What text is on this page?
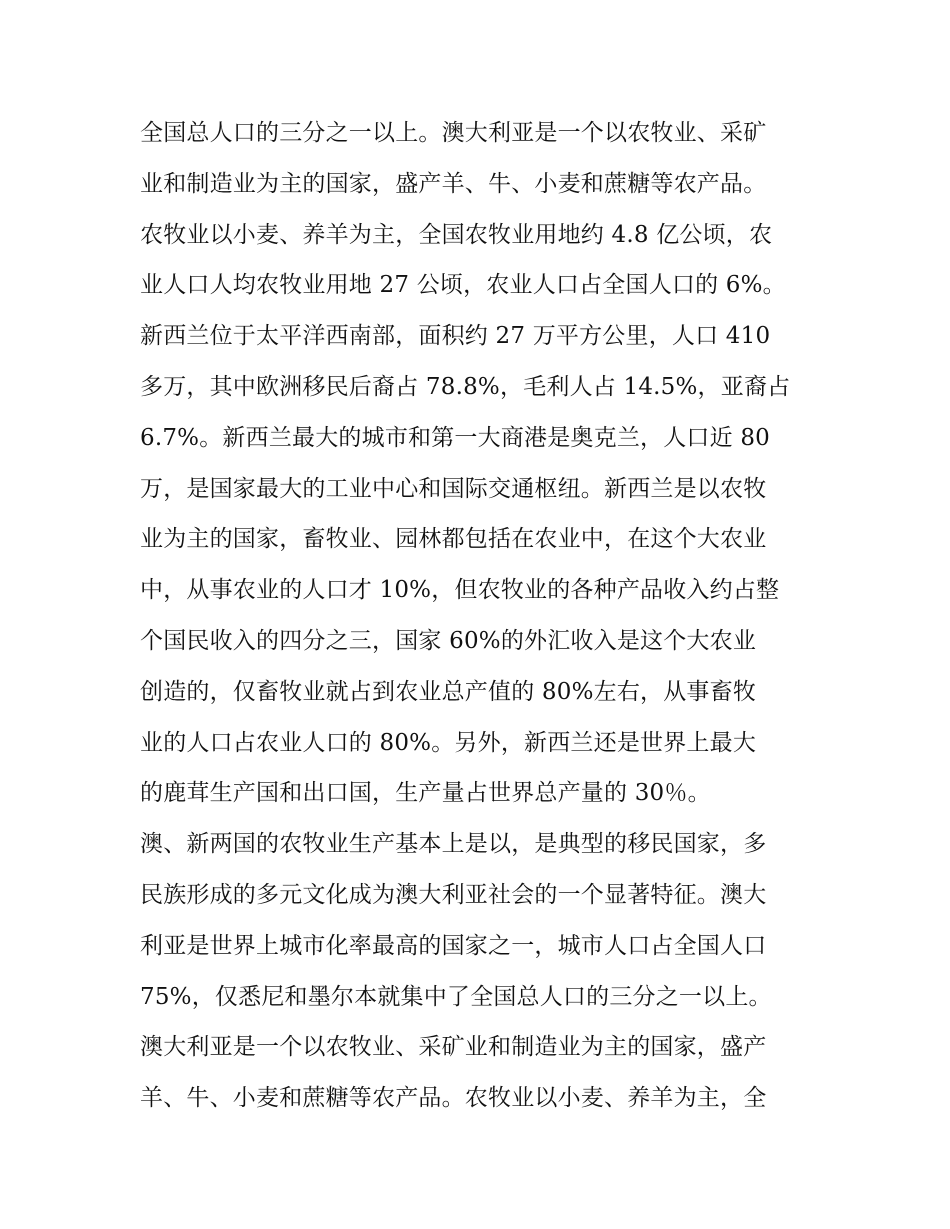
全国总人口的三分之一以上。澳大利亚是一个以农牧业、采矿
业和制造业为主的国家，盛产羊、牛、小麦和蔗糖等农产品。
农牧业以小麦、养羊为主，全国农牧业用地约 4.8 亿公顷，农
业人口人均农牧业用地 27 公顷，农业人口占全国人口的 6%。
新西兰位于太平洋西南部，面积约 27 万平方公里，人口 410
多万，其中欧洲移民后裔占 78.8%，毛利人占 14.5%，亚裔占
6.7%。新西兰最大的城市和第一大商港是奥克兰，人口近 80
万，是国家最大的工业中心和国际交通枢纽。新西兰是以农牧
业为主的国家，畜牧业、园林都包括在农业中，在这个大农业
中，从事农业的人口才 10%，但农牧业的各种产品收入约占整
个国民收入的四分之三，国家 60%的外汇收入是这个大农业
创造的，仅畜牧业就占到农业总产值的 80%左右，从事畜牧
业的人口占农业人口的 80%。另外，新西兰还是世界上最大
的鹿茸生产国和出口国，生产量占世界总产量的 30％。
澳、新两国的农牧业生产基本上是以，是典型的移民国家，多
民族形成的多元文化成为澳大利亚社会的一个显著特征。澳大
利亚是世界上城市化率最高的国家之一，城市人口占全国人口
75%，仅悉尼和墨尔本就集中了全国总人口的三分之一以上。
澳大利亚是一个以农牧业、采矿业和制造业为主的国家，盛产
羊、牛、小麦和蔗糖等农产品。农牧业以小麦、养羊为主，全
